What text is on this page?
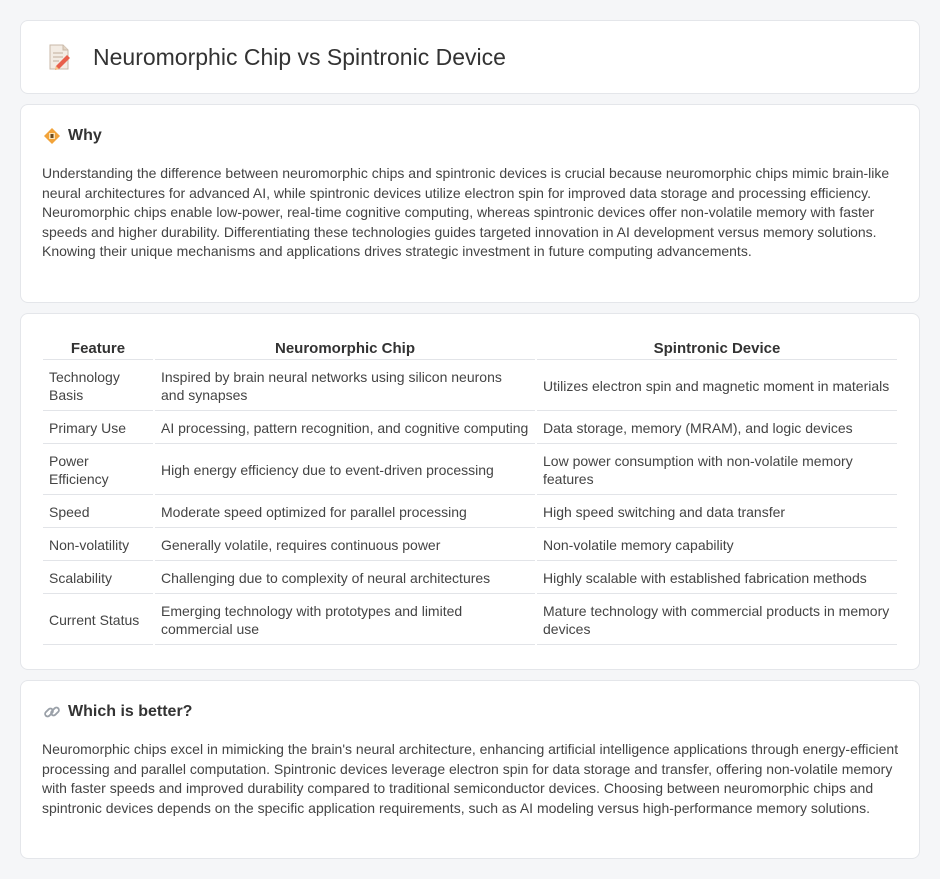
Neuromorphic Chip vs Spintronic Device
Why

Understanding the difference between neuromorphic chips and spintronic devices is crucial because neuromorphic chips mimic brain-like neural architectures for advanced AI, while spintronic devices utilize electron spin for improved data storage and processing efficiency. Neuromorphic chips enable low-power, real-time cognitive computing, whereas spintronic devices offer non-volatile memory with faster speeds and higher durability. Differentiating these technologies guides targeted innovation in AI development versus memory solutions. Knowing their unique mechanisms and applications drives strategic investment in future computing advancements.

Feature	Neuromorphic Chip	Spintronic Device
Technology Basis	Inspired by brain neural networks using silicon neurons and synapses	Utilizes electron spin and magnetic moment in materials
Primary Use	AI processing, pattern recognition, and cognitive computing	Data storage, memory (MRAM), and logic devices
Power Efficiency	High energy efficiency due to event-driven processing	Low power consumption with non-volatile memory features
Speed	Moderate speed optimized for parallel processing	High speed switching and data transfer
Non-volatility	Generally volatile, requires continuous power	Non-volatile memory capability
Scalability	Challenging due to complexity of neural architectures	Highly scalable with established fabrication methods
Current Status	Emerging technology with prototypes and limited commercial use	Mature technology with commercial products in memory devices
Which is better?

Neuromorphic chips excel in mimicking the brain's neural architecture, enhancing artificial intelligence applications through energy-efficient processing and parallel computation. Spintronic devices leverage electron spin for data storage and transfer, offering non-volatile memory with faster speeds and improved durability compared to traditional semiconductor devices. Choosing between neuromorphic chips and spintronic devices depends on the specific application requirements, such as AI modeling versus high-performance memory solutions.
